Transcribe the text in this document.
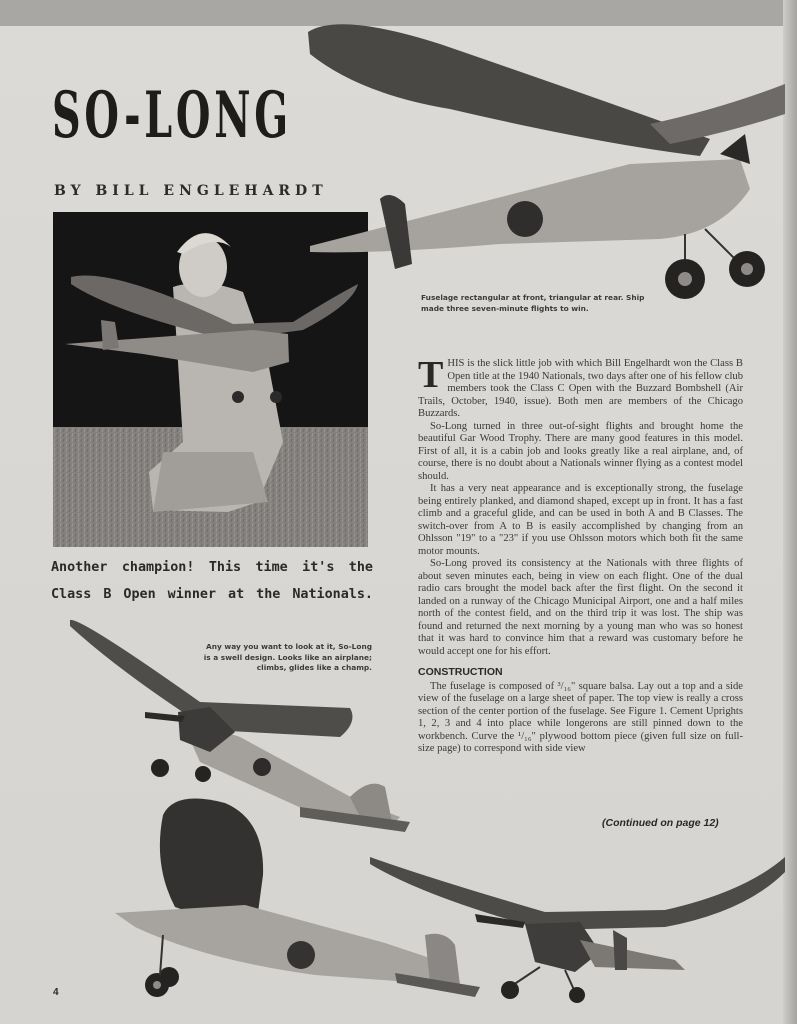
SO-LONG
BY BILL ENGLEHARDT
Another champion! This time it's the
Class B Open winner at the Nationals.
Fuselage rectangular at front, triangular at rear. Ship made three seven-minute flights to win.

THIS is the slick little job with which Bill Engelhardt won the Class B Open title at the 1940 Nationals, two days after one of his fellow club members took the Class C Open with the Buzzard Bombshell (Air Trails, October, 1940, issue). Both men are members of the Chicago Buzzards.

So-Long turned in three out-of-sight flights and brought home the beautiful Gar Wood Trophy. There are many good features in this model. First of all, it is a cabin job and looks greatly like a real airplane, and, of course, there is no doubt about a Nationals winner flying as a contest model should.

It has a very neat appearance and is exceptionally strong, the fuselage being entirely planked, and diamond shaped, except up in front. It has a fast climb and a graceful glide, and can be used in both A and B Classes. The switch-over from A to B is easily accomplished by changing from an Ohlsson "19" to a "23" if you use Ohlsson motors which both fit the same motor mounts.

So-Long proved its consistency at the Nationals with three flights of about seven minutes each, being in view on each flight. One of the dual radio cars brought the model back after the first flight. On the second it landed on a runway of the Chicago Municipal Airport, one and a half miles north of the contest field, and on the third trip it was lost. The ship was found and returned the next morning by a young man who was so honest that it was hard to convince him that a reward was customary before he would accept one for his effort.

CONSTRUCTION

The fuselage is composed of ³/₁₆" square balsa. Lay out a top and a side view of the fuselage on a large sheet of paper. The top view is really a cross section of the center portion of the fuselage. See Figure 1. Cement Uprights 1, 2, 3 and 4 into place while longerons are still pinned down to the workbench. Curve the ¹/₁₆" plywood bottom piece (given full size on full-size page) to correspond with side view

(Continued on page 12)
Any way you want to look at it, So-Long is a swell design. Looks like an airplane; climbs, glides like a champ.
4
